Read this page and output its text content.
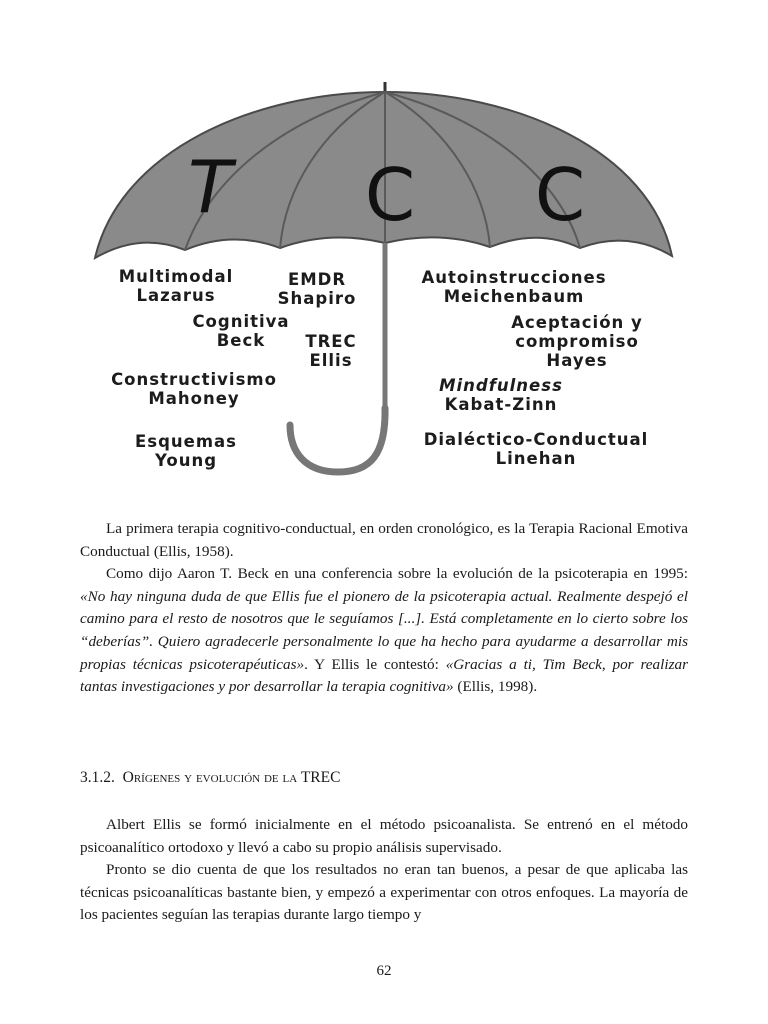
T C C

Multimodal
Lazarus

EMDR
Shapiro

Autoinstrucciones
Meichenbaum

Cognitiva
Beck	TREC
Ellis

Aceptación y
compromiso
Hayes

Constructivismo
Mahoney

Mindfulness
Kabat-Zinn

Esquemas
Young

Dialéctico-Conductual
Linehan

La primera terapia cognitivo-conductual, en orden cronológico, es la Terapia Racional Emotiva Conductual (Ellis, 1958).

Como dijo Aaron T. Beck en una conferencia sobre la evolución de la psicoterapia en 1995: «No hay ninguna duda de que Ellis fue el pionero de la psicoterapia actual. Realmente despejó el camino para el resto de nosotros que le seguíamos [...]. Está completamente en lo cierto sobre los “deberías”. Quiero agradecerle personalmente lo que ha hecho para ayudarme a desarrollar mis propias técnicas psicoterapéuticas». Y Ellis le contestó: «Gracias a ti, Tim Beck, por realizar tantas investigaciones y por desarrollar la terapia cognitiva» (Ellis, 1998).

3.1.2. Orígenes y evolución de la TREC

Albert Ellis se formó inicialmente en el método psicoanalista. Se entrenó en el método psicoanalítico ortodoxo y llevó a cabo su propio análisis supervisado.

Pronto se dio cuenta de que los resultados no eran tan buenos, a pesar de que aplicaba las técnicas psicoanalíticas bastante bien, y empezó a experimentar con otros enfoques. La mayoría de los pacientes seguían las terapias durante largo tiempo y

62
